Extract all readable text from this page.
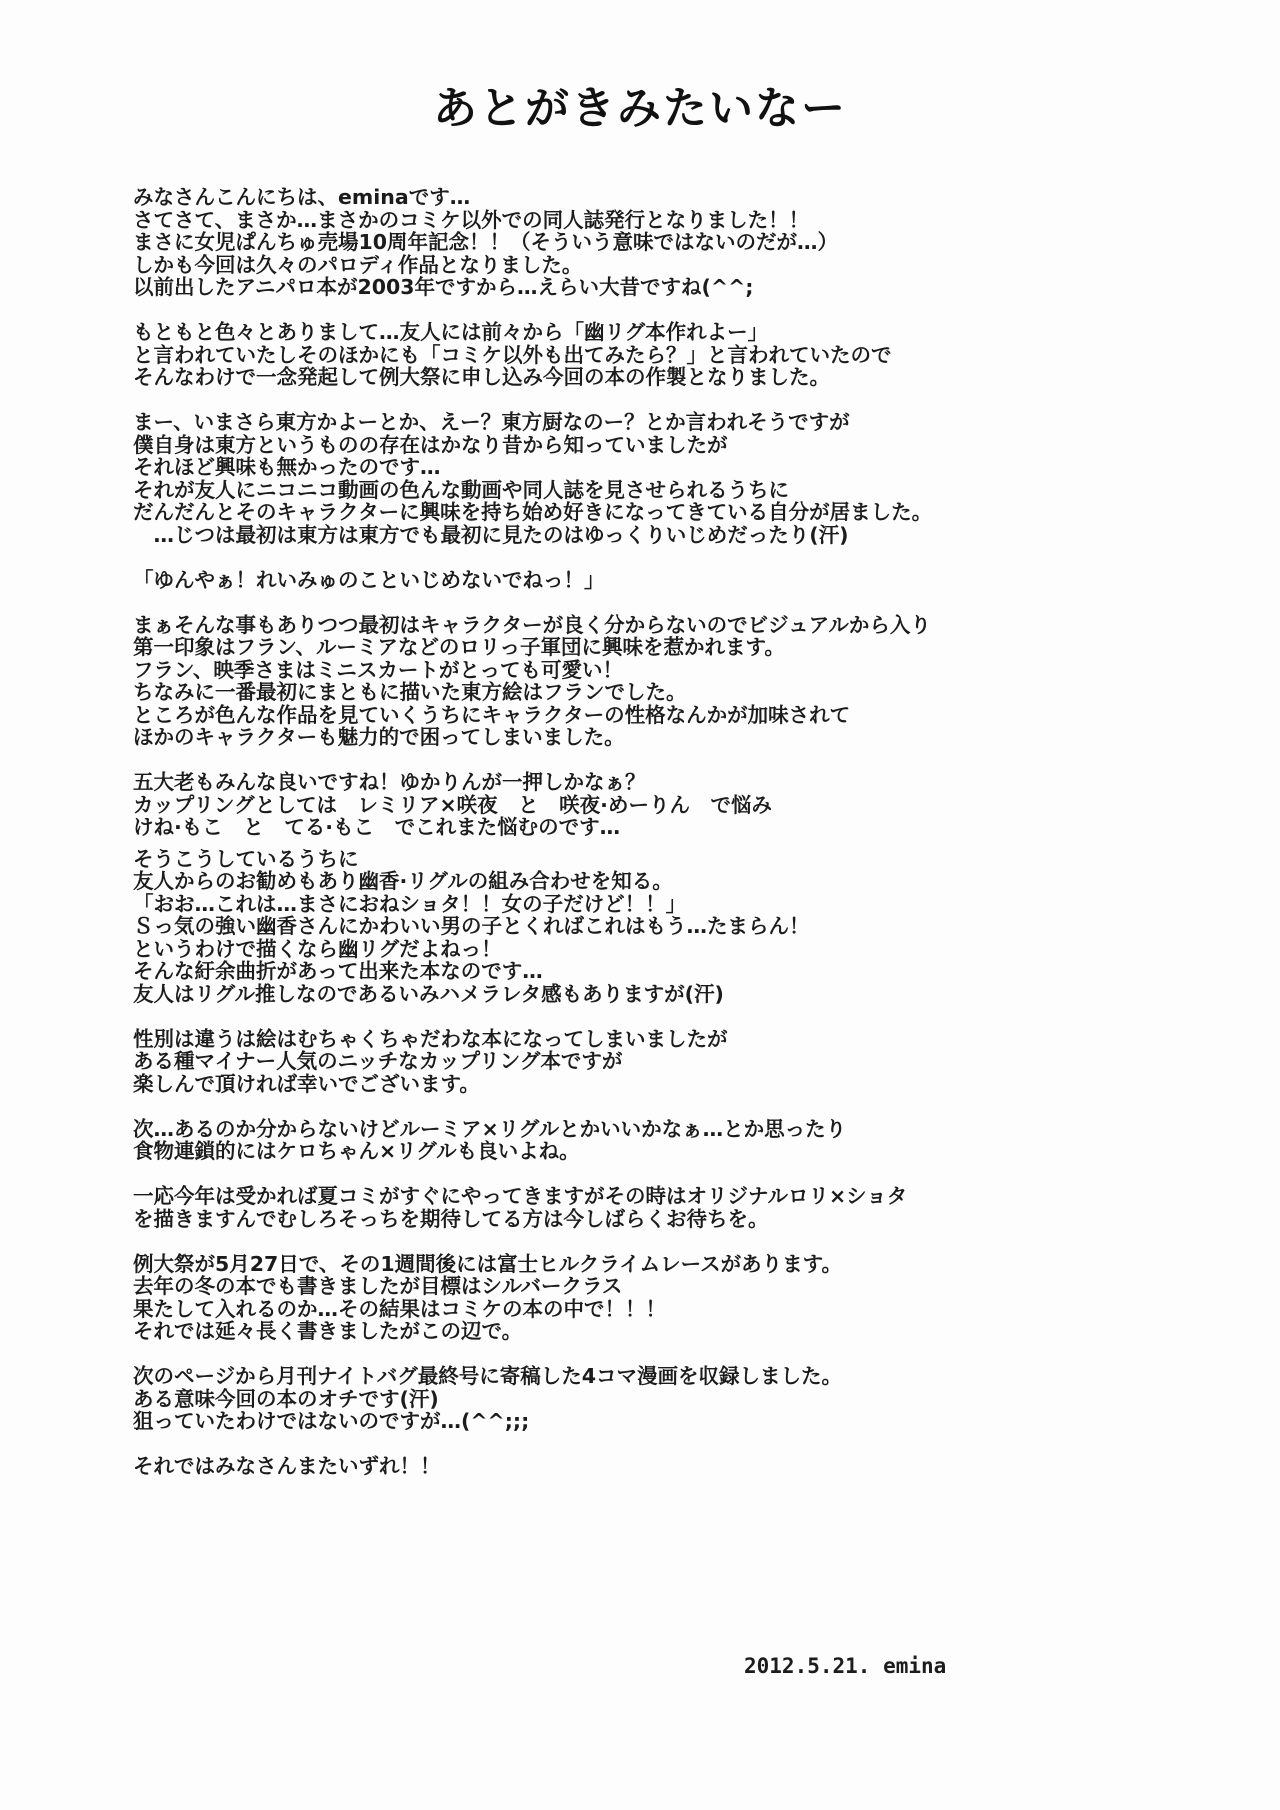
あとがきみたいなー
みなさんこんにちは、eminaです…
さてさて、まさか…まさかのコミケ以外での同人誌発行となりました！！
まさに女児ぱんちゅ売場10周年記念！！（そういう意味ではないのだが…）
しかも今回は久々のパロディ作品となりました。
以前出したアニパロ本が2003年ですから…えらい大昔ですね(^^;
もともと色々とありまして…友人には前々から「幽リグ本作れよー」
と言われていたしそのほかにも「コミケ以外も出てみたら？」と言われていたので
そんなわけで一念発起して例大祭に申し込み今回の本の作製となりました。
まー、いまさら東方かよーとか、えー？東方厨なのー？とか言われそうですが
僕自身は東方というものの存在はかなり昔から知っていましたが
それほど興味も無かったのです…
それが友人にニコニコ動画の色んな動画や同人誌を見させられるうちに
だんだんとそのキャラクターに興味を持ち始め好きになってきている自分が居ました。
　…じつは最初は東方は東方でも最初に見たのはゆっくりいじめだったり(汗)
「ゆんやぁ！れいみゅのこといじめないでねっ！」
まぁそんな事もありつつ最初はキャラクターが良く分からないのでビジュアルから入り
第一印象はフラン、ルーミアなどのロリっ子軍団に興味を惹かれます。
フラン、映季さまはミニスカートがとっても可愛い！
ちなみに一番最初にまともに描いた東方絵はフランでした。
ところが色んな作品を見ていくうちにキャラクターの性格なんかが加味されて
ほかのキャラクターも魅力的で困ってしまいました。
五大老もみんな良いですね！ゆかりんが一押しかなぁ？
カップリングとしては　レミリア×咲夜　と　咲夜·めーりん　で悩み
けね·もこ　と　てる·もこ　でこれまた悩むのです…
そうこうしているうちに
友人からのお勧めもあり幽香·リグルの組み合わせを知る。
「おお…これは…まさにおねショタ！！女の子だけど！！」
Ｓっ気の強い幽香さんにかわいい男の子とくればこれはもう…たまらん！
というわけで描くなら幽リグだよねっ！
そんな紆余曲折があって出来た本なのです…
友人はリグル推しなのであるいみハメラレタ感もありますが(汗)
性別は違うは絵はむちゃくちゃだわな本になってしまいましたが
ある種マイナー人気のニッチなカップリング本ですが
楽しんで頂ければ幸いでございます。
次…あるのか分からないけどルーミア×リグルとかいいかなぁ…とか思ったり
食物連鎖的にはケロちゃん×リグルも良いよね。
一応今年は受かれば夏コミがすぐにやってきますがその時はオリジナルロリ×ショタ
を描きますんでむしろそっちを期待してる方は今しばらくお待ちを。
例大祭が5月27日で、その1週間後には富士ヒルクライムレースがあります。
去年の冬の本でも書きましたが目標はシルバークラス
果たして入れるのか…その結果はコミケの本の中で！！！
それでは延々長く書きましたがこの辺で。
次のページから月刊ナイトバグ最終号に寄稿した4コマ漫画を収録しました。
ある意味今回の本のオチです(汗)
狙っていたわけではないのですが…(^^;;;
それではみなさんまたいずれ！！
2012.5.21. emina
